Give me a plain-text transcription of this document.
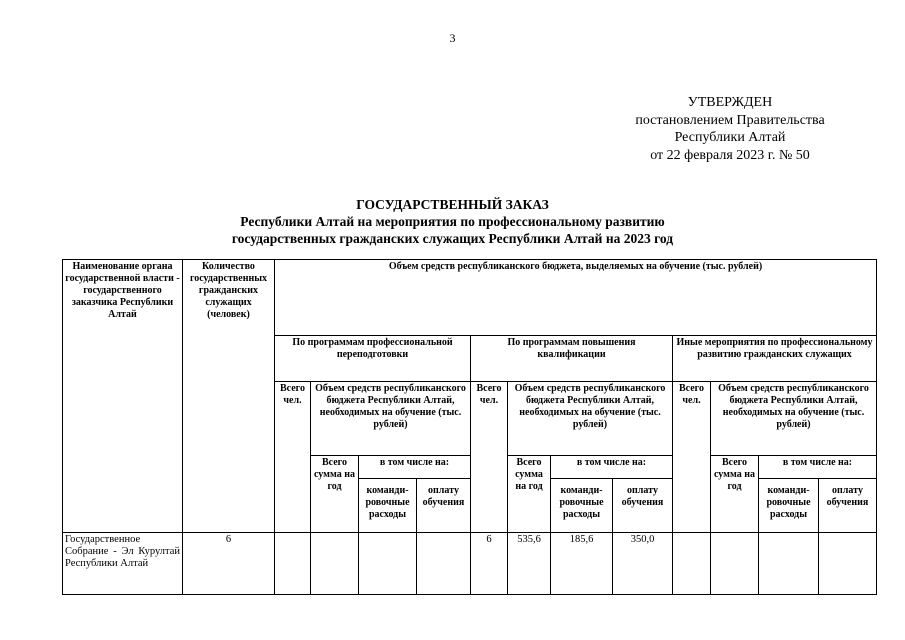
3
УТВЕРЖДЕН
постановлением Правительства
Республики Алтай
от 22 февраля 2023 г. № 50
ГОСУДАРСТВЕННЫЙ ЗАКАЗ
Республики Алтай на мероприятия по профессиональному развитию
государственных гражданских служащих Республики Алтай на 2023 год
Наименование органа государственной власти - государственного заказчика Республики Алтай	Количество государственных гражданских служащих (человек)	Объем средств республиканского бюджета, выделяемых на обучение (тыс. рублей)											
		По программам профессиональной переподготовки				По программам повышения квалификации				Иные мероприятия по профессиональному развитию гражданских служащих			
		Всего чел.	Объем средств республиканского бюджета Республики Алтай, необходимых на обучение (тыс. рублей)			Всего чел.	Объем средств республиканского бюджета Республики Алтай, необходимых на обучение (тыс. рублей)			Всего чел.	Объем средств республиканского бюджета Республики Алтай, необходимых на обучение (тыс. рублей)		
			Всего сумма на год	в том числе на:			Всего сумма на год	в том числе на:			Всего сумма на год	в том числе на:	
				команди-ровочные расходы	оплату обучения			команди-ровочные расходы	оплату обучения			команди-ровочные расходы	оплату обучения
Государственное Собрание - Эл Курултай Республики Алтай	6					6	535,6	185,6	350,0				
